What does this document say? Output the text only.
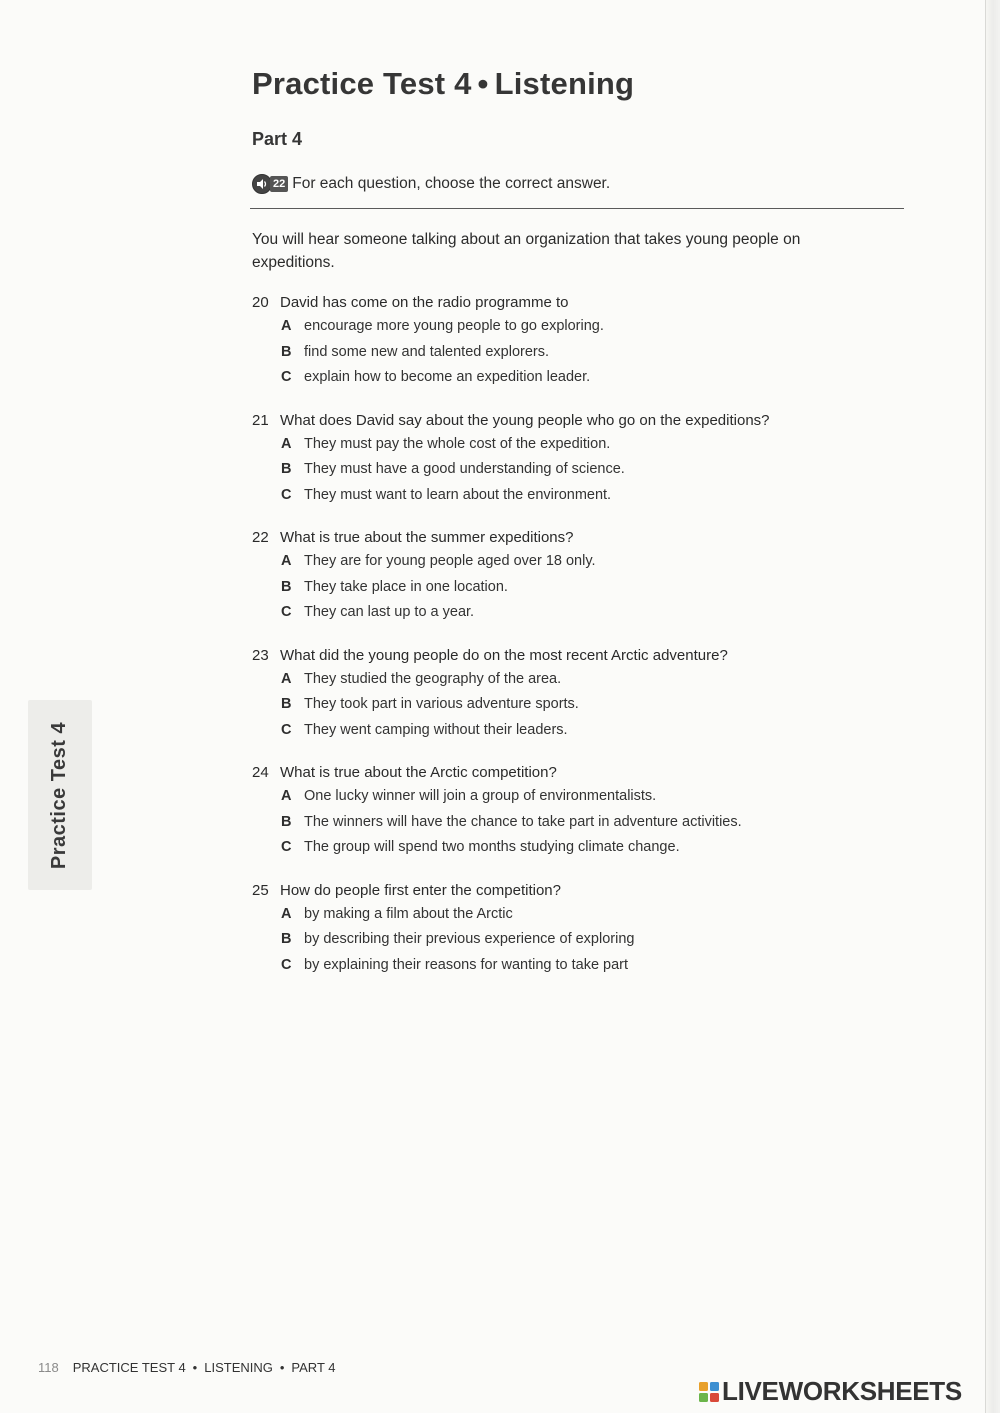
Practice Test 4 • Listening
Part 4
22 For each question, choose the correct answer.

You will hear someone talking about an organization that takes young people on expeditions.

20 David has come on the radio programme to
A encourage more young people to go exploring.
B find some new and talented explorers.
C explain how to become an expedition leader.
21 What does David say about the young people who go on the expeditions?
A They must pay the whole cost of the expedition.
B They must have a good understanding of science.
C They must want to learn about the environment.
22 What is true about the summer expeditions?
A They are for young people aged over 18 only.
B They take place in one location.
C They can last up to a year.
23 What did the young people do on the most recent Arctic adventure?
A They studied the geography of the area.
B They took part in various adventure sports.
C They went camping without their leaders.
24 What is true about the Arctic competition?
A One lucky winner will join a group of environmentalists.
B The winners will have the chance to take part in adventure activities.
C The group will spend two months studying climate change.
25 How do people first enter the competition?
A by making a film about the Arctic
B by describing their previous experience of exploring
C by explaining their reasons for wanting to take part
Practice Test 4
118 PRACTICE TEST 4 • LISTENING • PART 4
LIVEWORKSHEETS
